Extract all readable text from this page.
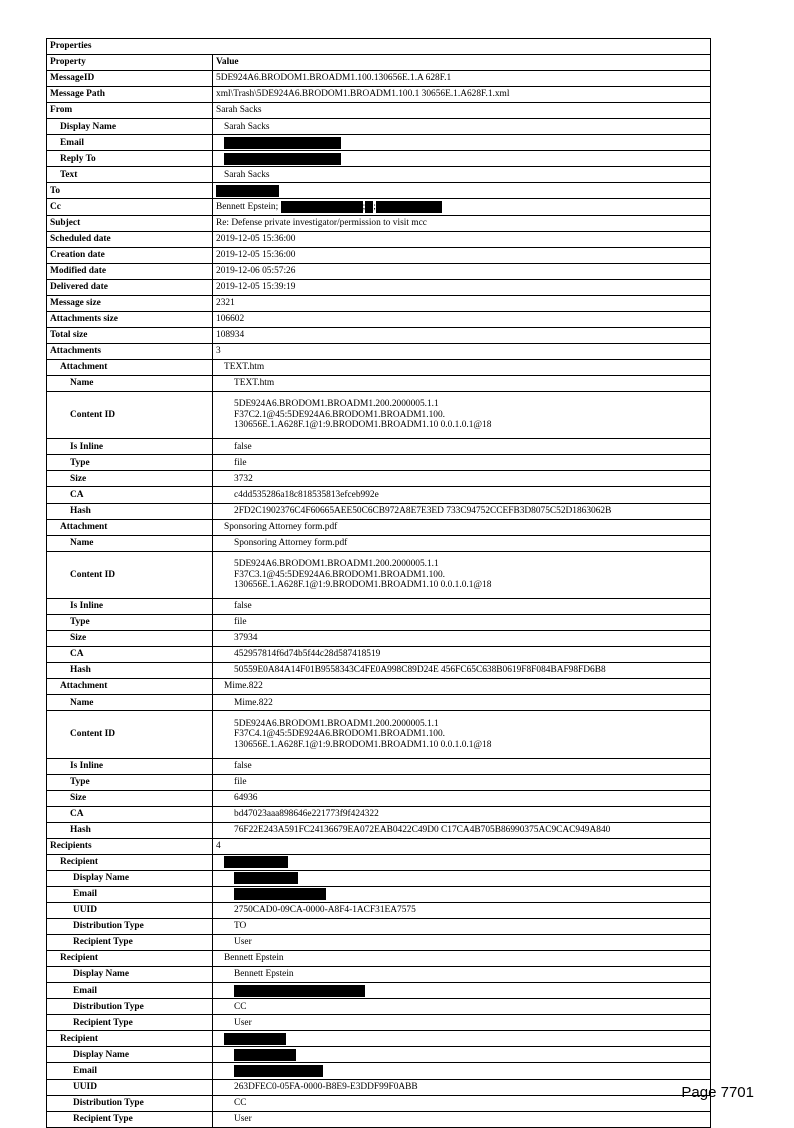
Properties	
Property	Value
MessageID	5DE924A6.BRODOM1.BROADM1.100.130656E.1.A 628F.1
Message Path	xml\Trash\5DE924A6.BRODOM1.BROADM1.100.1 30656E.1.A628F.1.xml
From	Sarah Sacks
Display Name	Sarah Sacks
Email	
Reply To	
Text	Sarah Sacks
To	
Cc	Bennett Epstein; ; ;
Subject	Re: Defense private investigator/permission to visit mcc
Scheduled date	2019-12-05 15:36:00
Creation date	2019-12-05 15:36:00
Modified date	2019-12-06 05:57:26
Delivered date	2019-12-05 15:39:19
Message size	2321
Attachments size	106602
Total size	108934
Attachments	3
Attachment	TEXT.htm
Name	TEXT.htm
Content ID	5DE924A6.BRODOM1.BROADM1.200.2000005.1.1
F37C2.1@45:5DE924A6.BRODOM1.BROADM1.100.
130656E.1.A628F.1@1:9.BRODOM1.BROADM1.10 0.0.1.0.1@18

Is Inline	false
Type	file
Size	3732
CA	c4dd535286a18c818535813efceb992e
Hash	2FD2C1902376C4F60665AEE50C6CB972A8E7E3ED 733C94752CCEFB3D8075C52D1863062B
Attachment	Sponsoring Attorney form.pdf
Name	Sponsoring Attorney form.pdf
Content ID	5DE924A6.BRODOM1.BROADM1.200.2000005.1.1
F37C3.1@45:5DE924A6.BRODOM1.BROADM1.100.
130656E.1.A628F.1@1:9.BRODOM1.BROADM1.10 0.0.1.0.1@18

Is Inline	false
Type	file
Size	37934
CA	452957814f6d74b5f44c28d587418519
Hash	50559E0A84A14F01B9558343C4FE0A998C89D24E 456FC65C638B0619F8F084BAF98FD6B8
Attachment	Mime.822
Name	Mime.822
Content ID	5DE924A6.BRODOM1.BROADM1.200.2000005.1.1
F37C4.1@45:5DE924A6.BRODOM1.BROADM1.100.
130656E.1.A628F.1@1:9.BRODOM1.BROADM1.10 0.0.1.0.1@18

Is Inline	false
Type	file
Size	64936
CA	bd47023aaa898646e221773f9f424322
Hash	76F22E243A591FC24136679EA072EAB0422C49D0 C17CA4B705B86990375AC9CAC949A840
Recipients	4
Recipient	
Display Name	
Email	
UUID	2750CAD0-09CA-0000-A8F4-1ACF31EA7575
Distribution Type	TO
Recipient Type	User
Recipient	Bennett Epstein
Display Name	Bennett Epstein
Email	
Distribution Type	CC
Recipient Type	User
Recipient	
Display Name	
Email	
UUID	263DFEC0-05FA-0000-B8E9-E3DDF99F0ABB
Distribution Type	CC
Recipient Type	User
Page 7701
